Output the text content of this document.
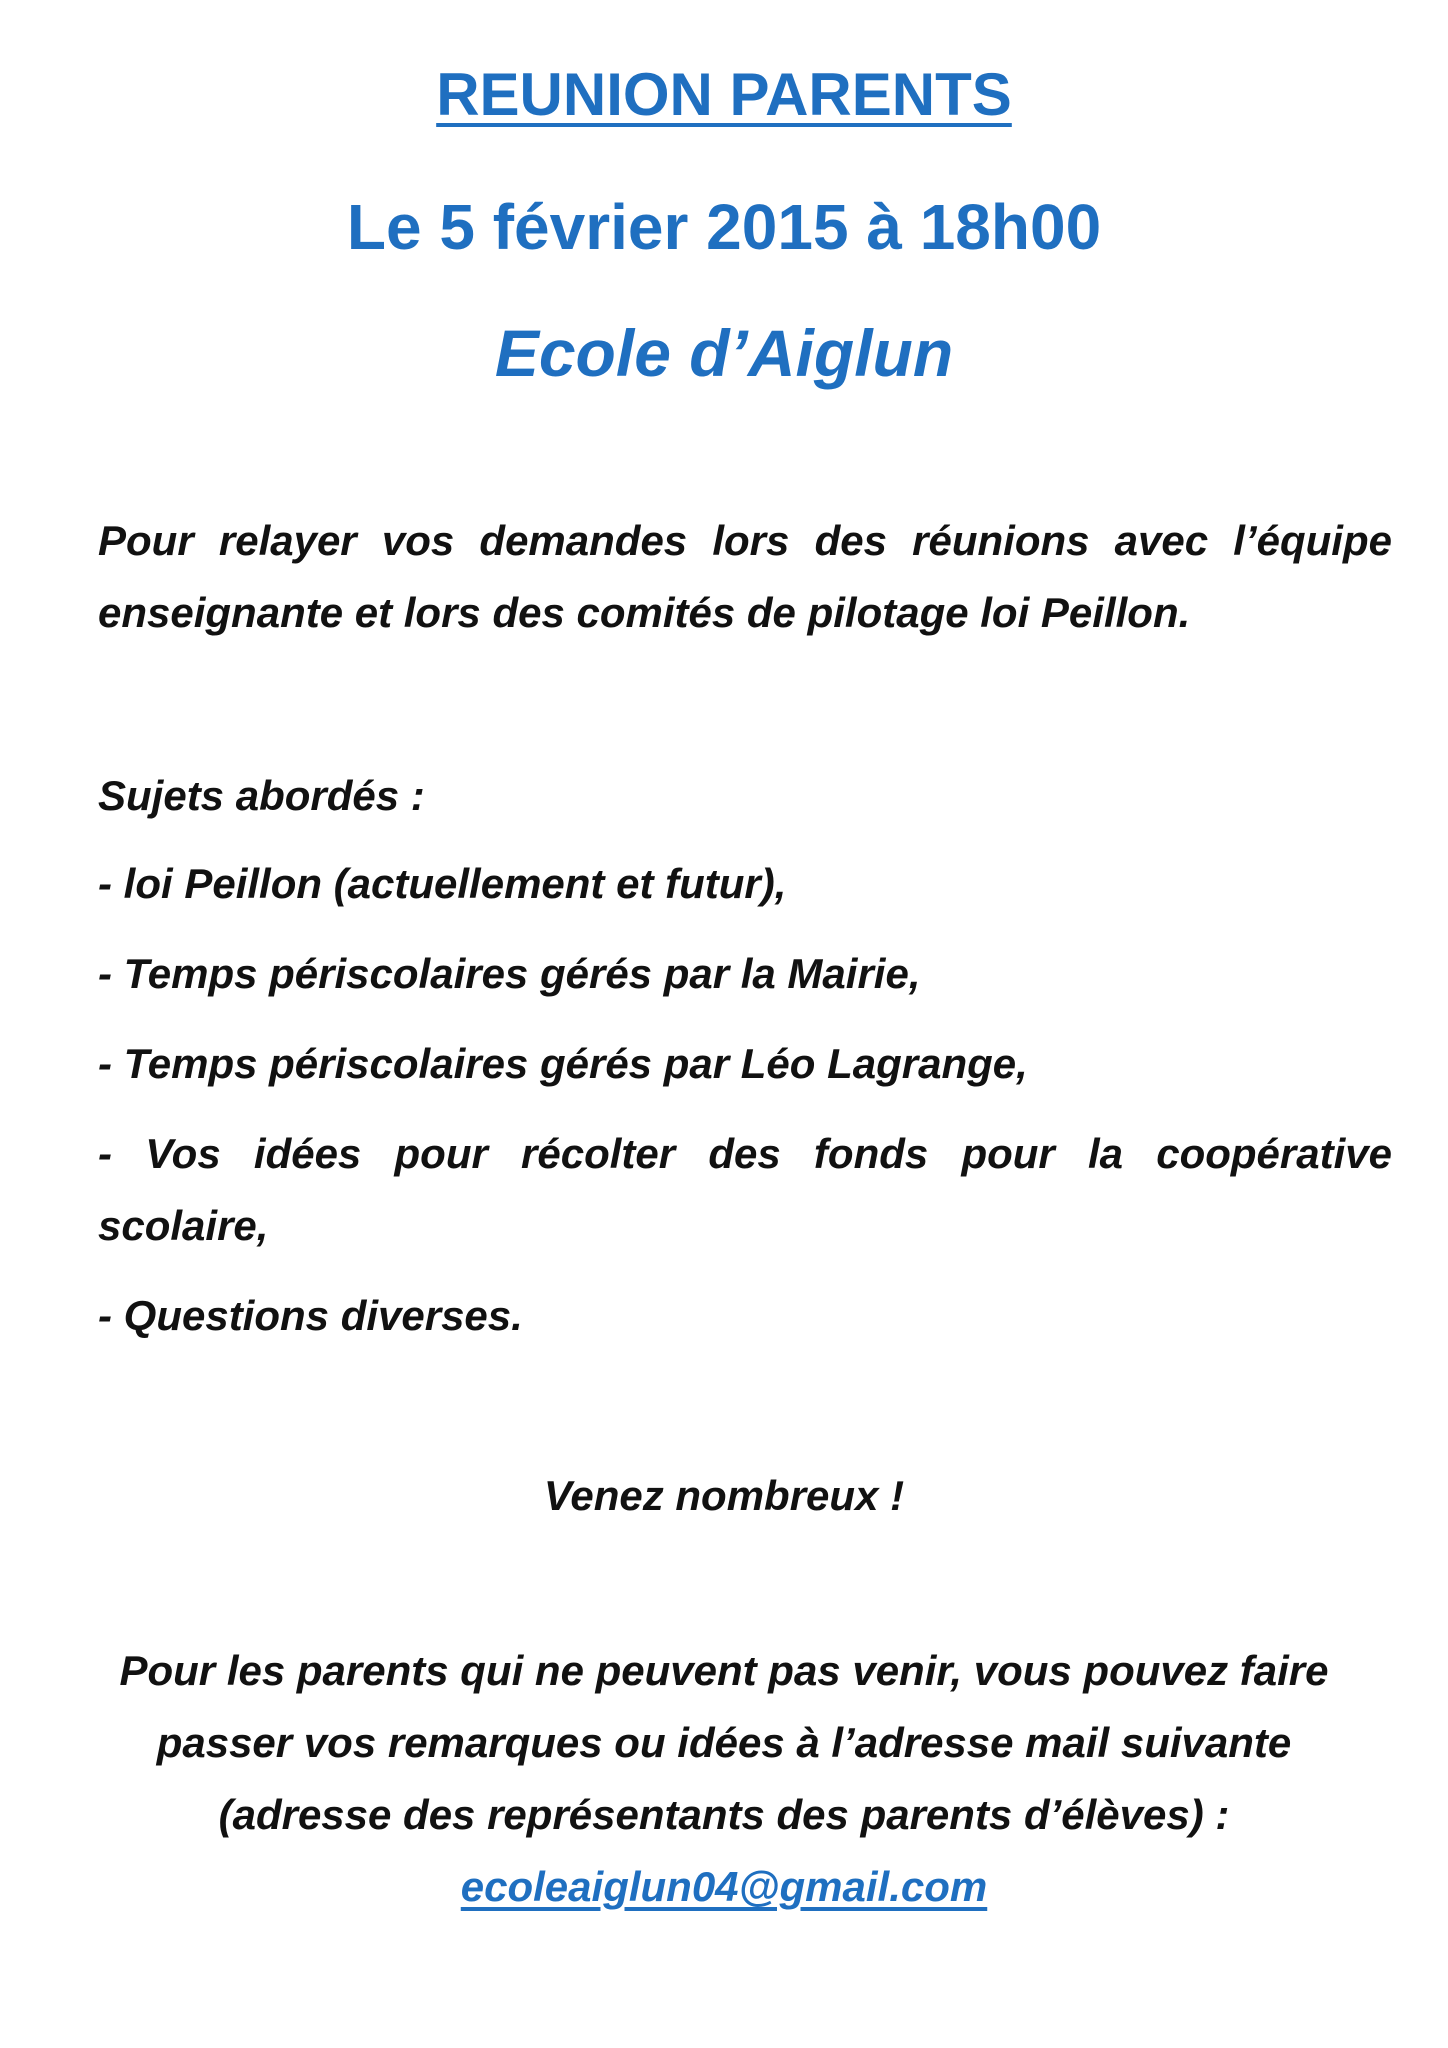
REUNION PARENTS
Le 5 février 2015 à 18h00
Ecole d’Aiglun
Pour relayer vos demandes lors des réunions avec l’équipe enseignante et lors des comités de pilotage loi Peillon.
Sujets abordés :
- loi Peillon (actuellement et futur),
- Temps périscolaires gérés par la Mairie,
- Temps périscolaires gérés par Léo Lagrange,
- Vos idées pour récolter des fonds pour la coopérative scolaire,
- Questions diverses.
Venez nombreux !
Pour les parents qui ne peuvent pas venir, vous pouvez faire
passer vos remarques ou idées à l’adresse mail suivante
(adresse des représentants des parents d’élèves) :
ecoleaiglun04@gmail.com
